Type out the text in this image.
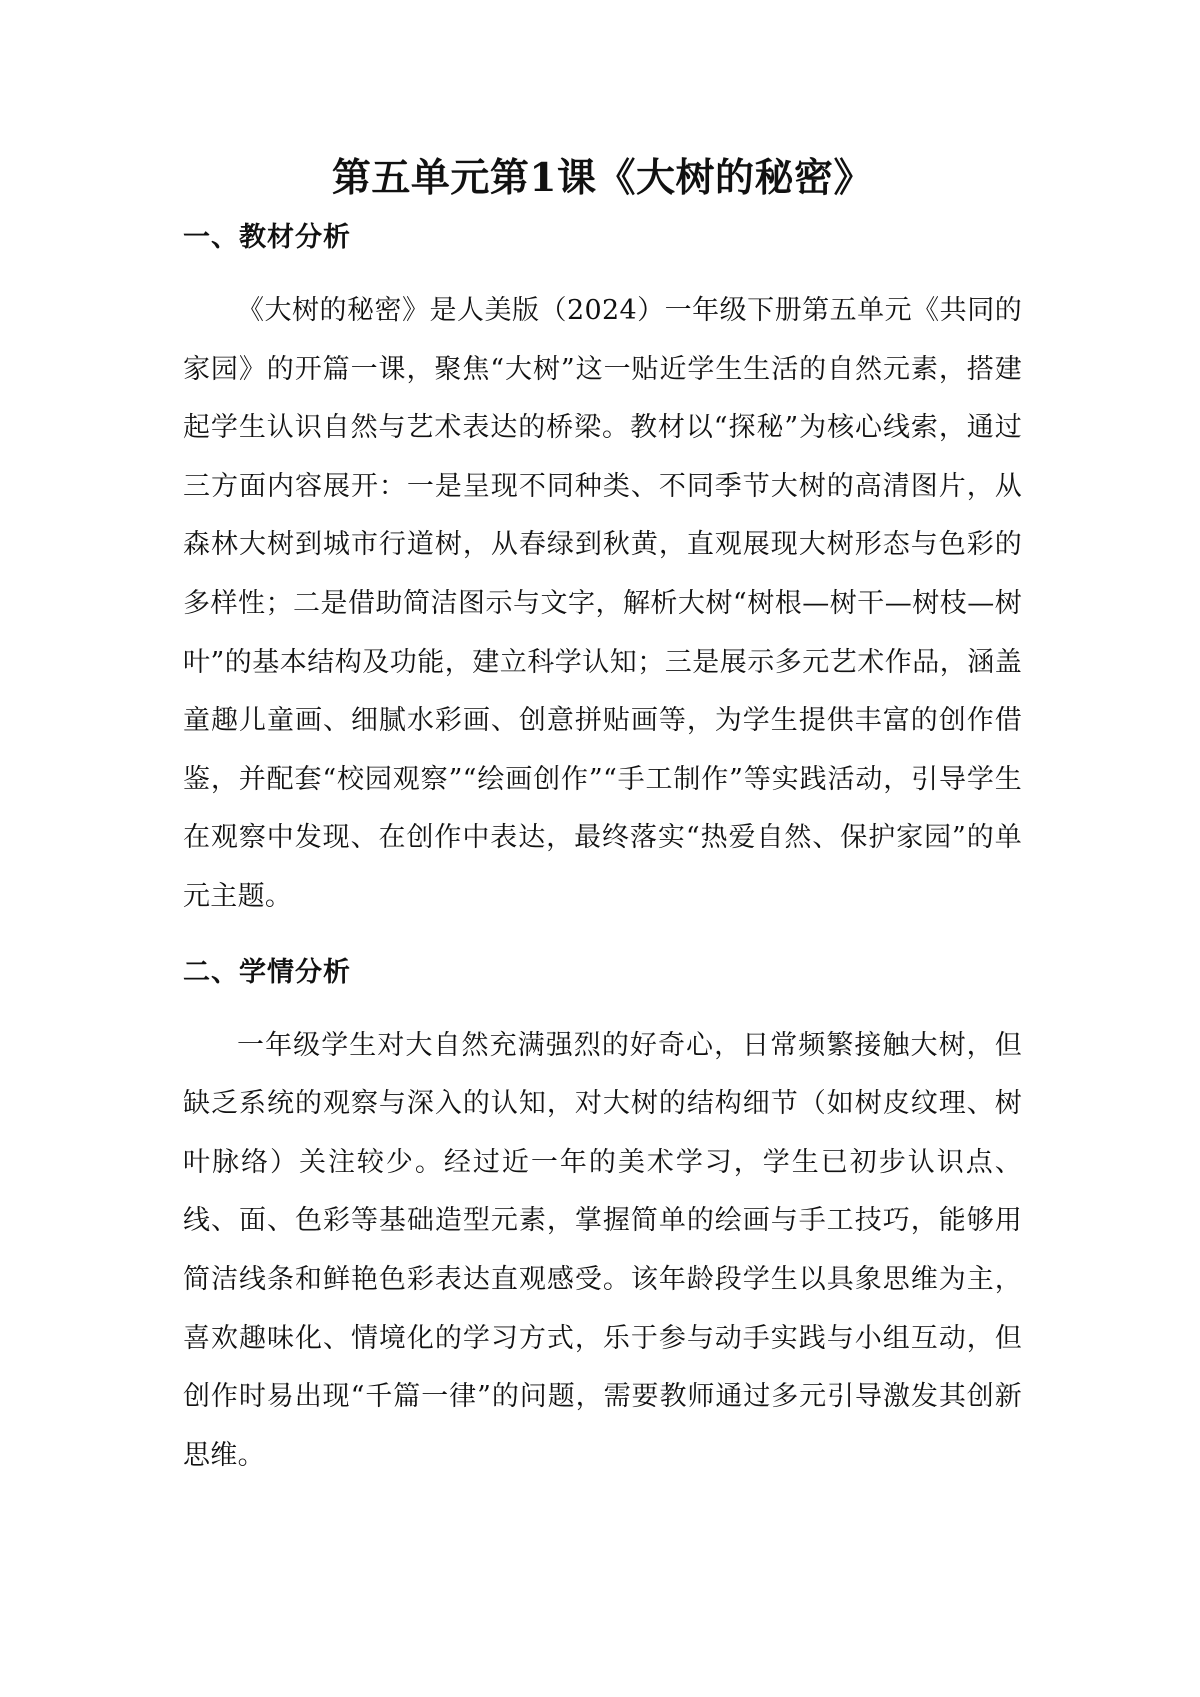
第五单元第1课《大树的秘密》
一、教材分析

《大树的秘密》是人美版（2024）一年级下册第五单元《共同的家园》的开篇一课，聚焦“大树”这一贴近学生生活的自然元素，搭建起学生认识自然与艺术表达的桥梁。教材以“探秘”为核心线索，通过三方面内容展开：一是呈现不同种类、不同季节大树的高清图片，从森林大树到城市行道树，从春绿到秋黄，直观展现大树形态与色彩的多样性；二是借助简洁图示与文字，解析大树“树根—树干—树枝—树叶”的基本结构及功能，建立科学认知；三是展示多元艺术作品，涵盖童趣儿童画、细腻水彩画、创意拼贴画等，为学生提供丰富的创作借鉴，并配套“校园观察”“绘画创作”“手工制作”等实践活动，引导学生在观察中发现、在创作中表达，最终落实“热爱自然、保护家园”的单元主题。

二、学情分析

一年级学生对大自然充满强烈的好奇心，日常频繁接触大树，但缺乏系统的观察与深入的认知，对大树的结构细节（如树皮纹理、树叶脉络）关注较少。经过近一年的美术学习，学生已初步认识点、线、面、色彩等基础造型元素，掌握简单的绘画与手工技巧，能够用简洁线条和鲜艳色彩表达直观感受。该年龄段学生以具象思维为主，喜欢趣味化、情境化的学习方式，乐于参与动手实践与小组互动，但创作时易出现“千篇一律”的问题，需要教师通过多元引导激发其创新思维。
